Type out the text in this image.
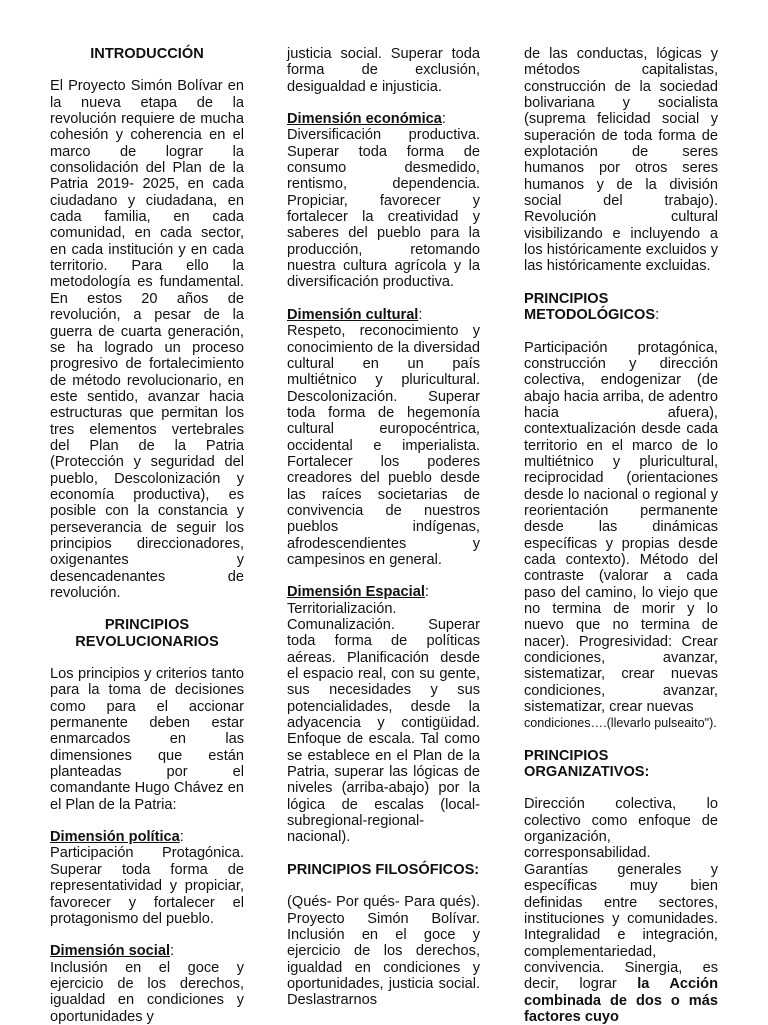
INTRODUCCIÓN

El Proyecto Simón Bolívar en la nueva etapa de la revolución requiere de mucha cohesión y coherencia en el marco de lograr la consolidación del Plan de la Patria 2019- 2025, en cada ciudadano y ciudadana, en cada familia, en cada comunidad, en cada sector, en cada institución y en cada territorio. Para ello la metodología es fundamental. En estos 20 años de revolución, a pesar de la guerra de cuarta generación, se ha logrado un proceso progresivo de fortalecimiento de método revolucionario, en este sentido, avanzar hacia estructuras que permitan los tres elementos vertebrales del Plan de la Patria (Protección y seguridad del pueblo, Descolonización y economía productiva), es posible con la constancia y perseverancia de seguir los principios direccionadores, oxigenantes y desencadenantes de revolución.

PRINCIPIOS

REVOLUCIONARIOS

Los principios y criterios tanto para la toma de decisiones como para el accionar permanente deben estar enmarcados en las dimensiones que están planteadas por el comandante Hugo Chávez en el Plan de la Patria:

Dimensión política:

Participación Protagónica. Superar toda forma de representatividad y propiciar, favorecer y fortalecer el protagonismo del pueblo.

Dimensión social:

Inclusión en el goce y ejercicio de los derechos, igualdad en condiciones y oportunidades y

justicia social. Superar toda forma de exclusión, desigualdad e injusticia.

Dimensión económica:

Diversificación productiva. Superar toda forma de consumo desmedido, rentismo, dependencia. Propiciar, favorecer y fortalecer la creatividad y saberes del pueblo para la producción, retomando nuestra cultura agrícola y la diversificación productiva.

Dimensión cultural:

Respeto, reconocimiento y conocimiento de la diversidad cultural en un país multiétnico y pluricultural. Descolonización. Superar toda forma de hegemonía cultural europocéntrica, occidental e imperialista. Fortalecer los poderes creadores del pueblo desde las raíces societarias de convivencia de nuestros pueblos indígenas, afrodescendientes y campesinos en general.

Dimensión Espacial:

Territorialización. Comunalización. Superar toda forma de políticas aéreas. Planificación desde el espacio real, con su gente, sus necesidades y sus potencialidades, desde la adyacencia y contigüidad. Enfoque de escala. Tal como se establece en el Plan de la Patria, superar las lógicas de niveles (arriba-abajo) por la lógica de escalas (local-subregional-regional-nacional).

PRINCIPIOS FILOSÓFICOS:

(Qués- Por qués- Para qués). Proyecto Simón Bolívar. Inclusión en el goce y ejercicio de los derechos, igualdad en condiciones y oportunidades, justicia social. Deslastrarnos

de las conductas, lógicas y métodos capitalistas, construcción de la sociedad bolivariana y socialista (suprema felicidad social y superación de toda forma de explotación de seres humanos por otros seres humanos y de la división social del trabajo). Revolución cultural visibilizando e incluyendo a los históricamente excluidos y las históricamente excluidas.

PRINCIPIOS

METODOLÓGICOS:

Participación protagónica, construcción y dirección colectiva, endogenizar (de abajo hacia arriba, de adentro hacia afuera), contextualización desde cada territorio en el marco de lo multiétnico y pluricultural, reciprocidad (orientaciones desde lo nacional o regional y reorientación permanente desde las dinámicas específicas y propias desde cada contexto). Método del contraste (valorar a cada paso del camino, lo viejo que no termina de morir y lo nuevo que no termina de nacer). Progresividad: Crear condiciones, avanzar, sistematizar, crear nuevas condiciones, avanzar, sistematizar, crear nuevas

condiciones….(llevarlo pulseaito").

PRINCIPIOS

ORGANIZATIVOS:

Dirección colectiva, lo colectivo como enfoque de organización, corresponsabilidad. Garantías generales y específicas muy bien definidas entre sectores, instituciones y comunidades. Integralidad e integración, complementariedad, convivencia. Sinergia, es decir, lograr la Acción combinada de dos o más factores cuyo
